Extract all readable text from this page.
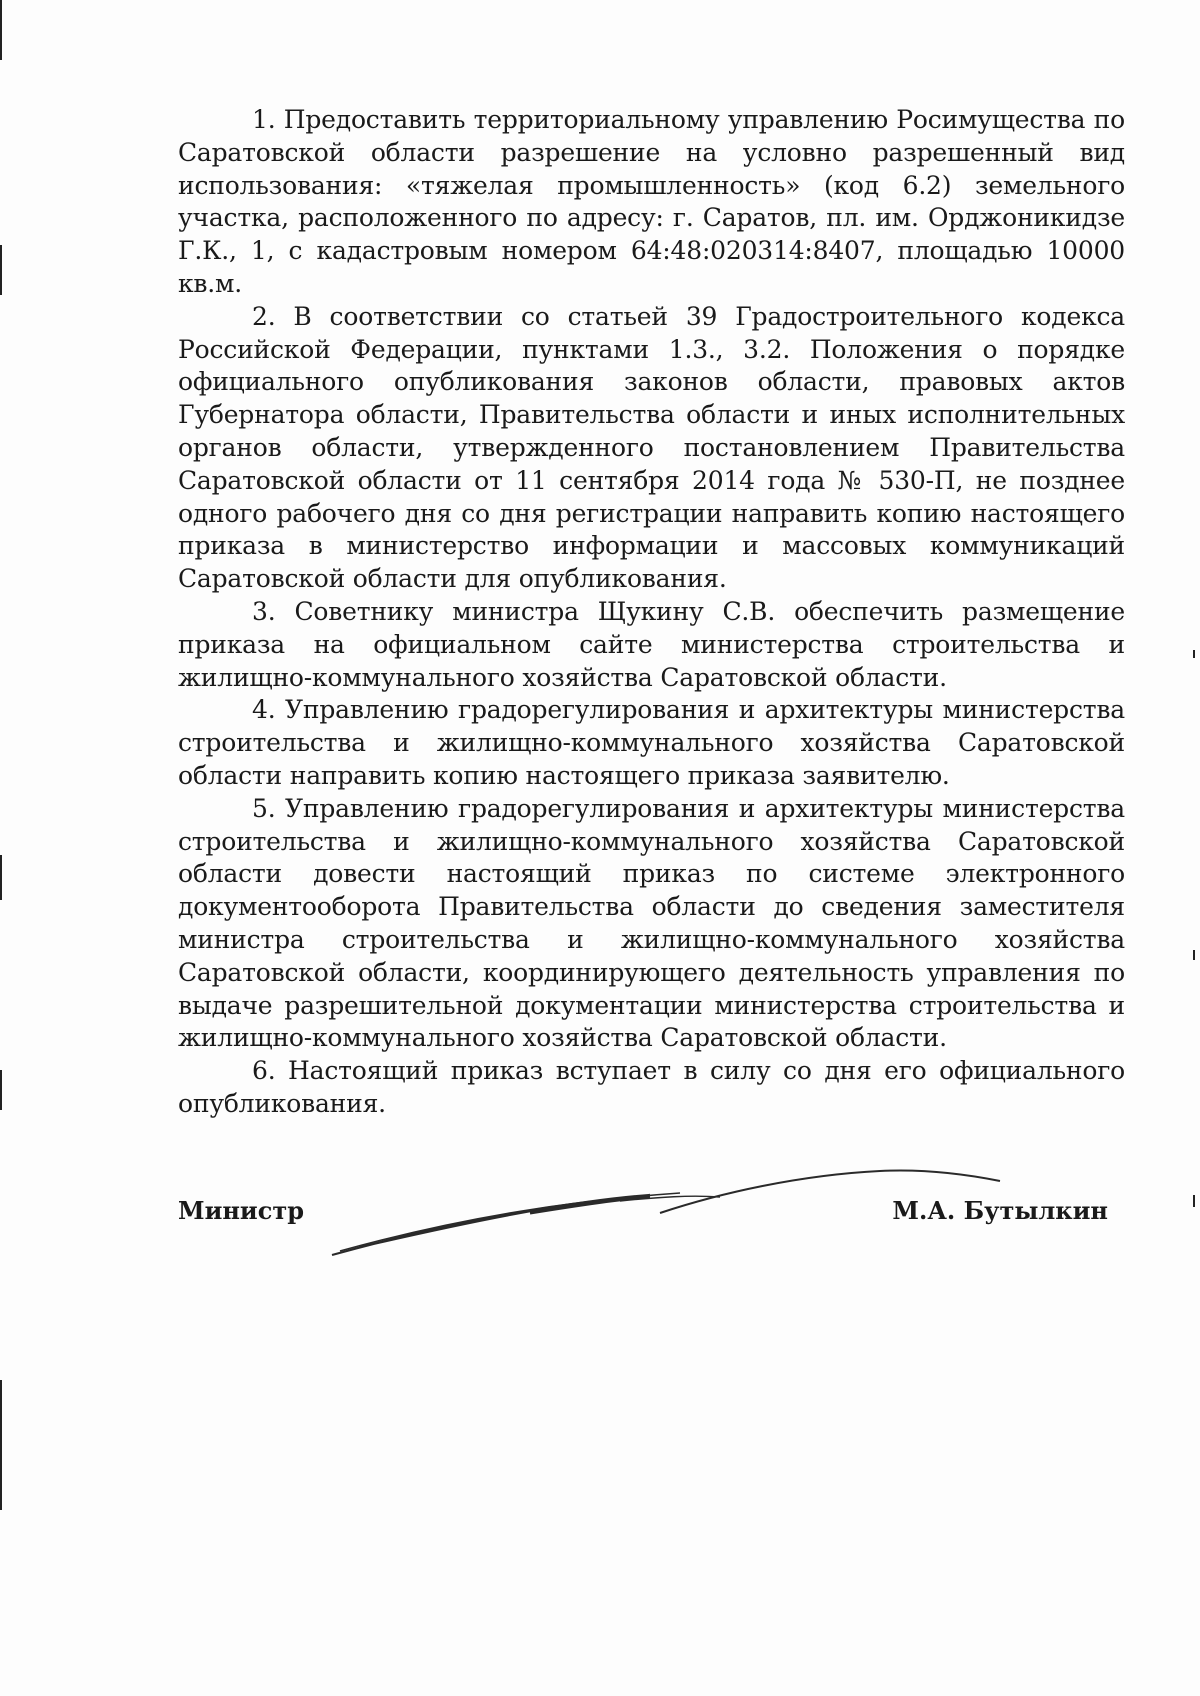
1. Предоставить территориальному управлению Росимущества по Саратовской области разрешение на условно разрешенный вид использования: «тяжелая промышленность» (код 6.2) земельного участка, расположенного по адресу: г. Саратов, пл. им. Орджоникидзе Г.К., 1, с кадастровым номером 64:48:020314:8407, площадью 10000 кв.м.

2. В соответствии со статьей 39 Градостроительного кодекса Российской Федерации, пунктами 1.3., 3.2. Положения о порядке официального опубликования законов области, правовых актов Губернатора области, Правительства области и иных исполнительных органов области, утвержденного постановлением Правительства Саратовской области от 11 сентября 2014 года № 530-П, не позднее одного рабочего дня со дня регистрации направить копию настоящего приказа в министерство информации и массовых коммуникаций Саратовской области для опубликования.

3. Советнику министра Щукину С.В. обеспечить размещение приказа на официальном сайте министерства строительства и жилищно-коммунального хозяйства Саратовской области.

4. Управлению градорегулирования и архитектуры министерства строительства и жилищно-коммунального хозяйства Саратовской области направить копию настоящего приказа заявителю.

5. Управлению градорегулирования и архитектуры министерства строительства и жилищно-коммунального хозяйства Саратовской области довести настоящий приказ по системе электронного документооборота Правительства области до сведения заместителя министра строительства и жилищно-коммунального хозяйства Саратовской области, координирующего деятельность управления по выдаче разрешительной документации министерства строительства и жилищно-коммунального хозяйства Саратовской области.

6. Настоящий приказ вступает в силу со дня его официального опубликования.

Министр	М.А. Бутылкин
